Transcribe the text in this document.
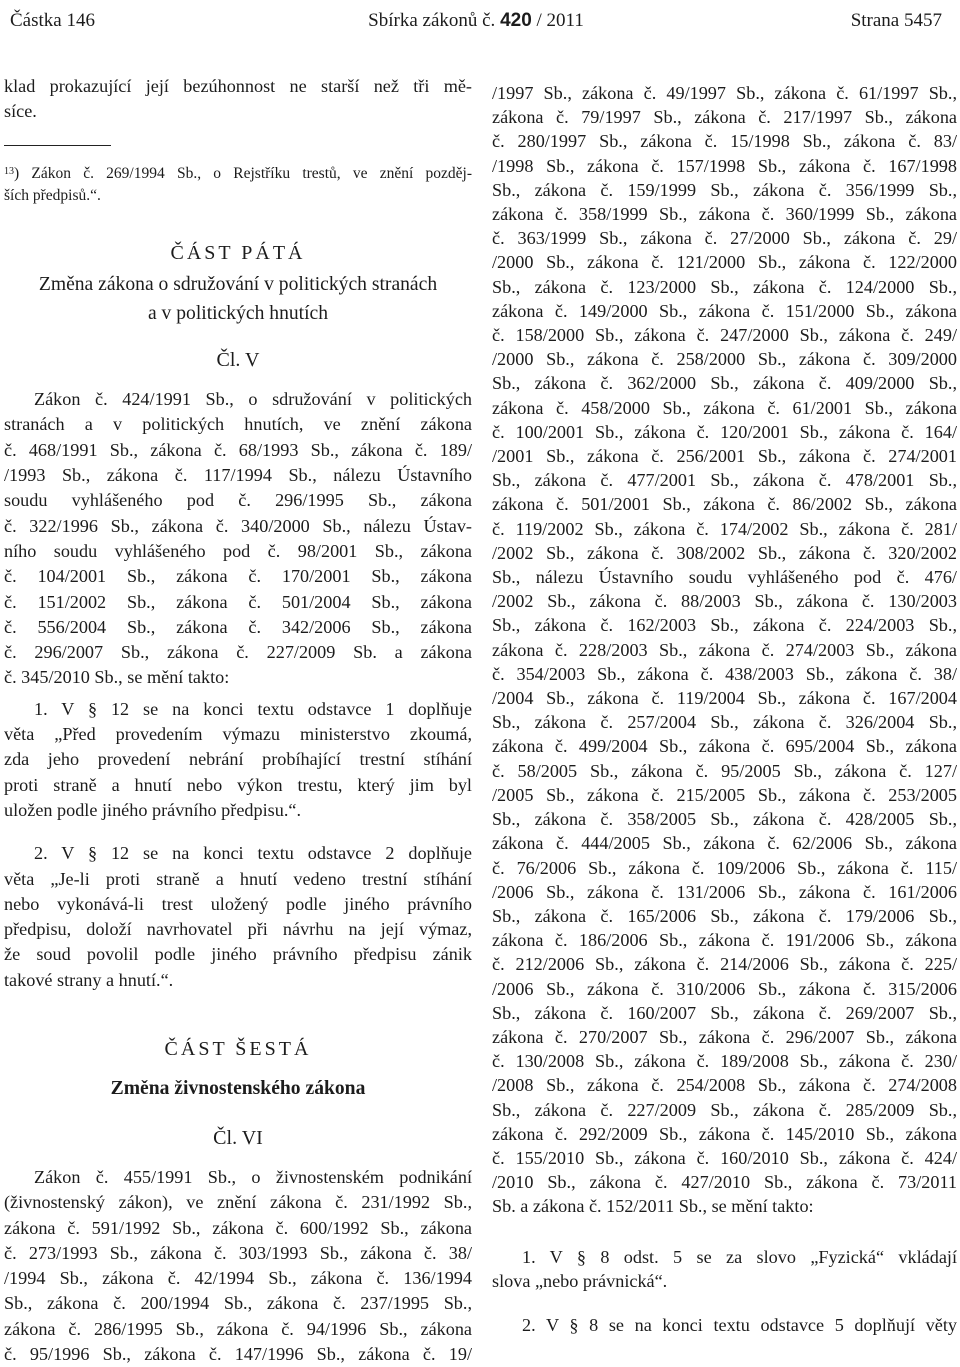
Částka 146	Sbírka zákonů č. 420 / 2011	Strana 5457
klad prokazující její bezúhonnost ne starší než tři mě-
síce.
$^{13}$) Zákon č. 269/1994 Sb., o Rejstříku trestů, ve znění pozděj-
ších předpisů.“.
ČÁST PÁTÁ
Změna zákona o sdružování v politických stranách
a v politických hnutích
Čl. V
Zákon č. 424/1991 Sb., o sdružování v politických
stranách a v politických hnutích, ve znění zákona
č. 468/1991 Sb., zákona č. 68/1993 Sb., zákona č. 189/
/1993 Sb., zákona č. 117/1994 Sb., nálezu Ústavního
soudu vyhlášeného pod č. 296/1995 Sb., zákona
č. 322/1996 Sb., zákona č. 340/2000 Sb., nálezu Ústav-
ního soudu vyhlášeného pod č. 98/2001 Sb., zákona
č. 104/2001 Sb., zákona č. 170/2001 Sb., zákona
č. 151/2002 Sb., zákona č. 501/2004 Sb., zákona
č. 556/2004 Sb., zákona č. 342/2006 Sb., zákona
č. 296/2007 Sb., zákona č. 227/2009 Sb. a zákona
č. 345/2010 Sb., se mění takto:
1. V § 12 se na konci textu odstavce 1 doplňuje
věta „Před provedením výmazu ministerstvo zkoumá,
zda jeho provedení nebrání probíhající trestní stíhání
proti straně a hnutí nebo výkon trestu, který jim byl
uložen podle jiného právního předpisu.“.
2. V § 12 se na konci textu odstavce 2 doplňuje
věta „Je-li proti straně a hnutí vedeno trestní stíhání
nebo vykonává-li trest uložený podle jiného právního
předpisu, doloží navrhovatel při návrhu na její výmaz,
že soud povolil podle jiného právního předpisu zánik
takové strany a hnutí.“.
ČÁST ŠESTÁ
Změna živnostenského zákona
Čl. VI
Zákon č. 455/1991 Sb., o živnostenském podnikání
(živnostenský zákon), ve znění zákona č. 231/1992 Sb.,
zákona č. 591/1992 Sb., zákona č. 600/1992 Sb., zákona
č. 273/1993 Sb., zákona č. 303/1993 Sb., zákona č. 38/
/1994 Sb., zákona č. 42/1994 Sb., zákona č. 136/1994
Sb., zákona č. 200/1994 Sb., zákona č. 237/1995 Sb.,
zákona č. 286/1995 Sb., zákona č. 94/1996 Sb., zákona
č. 95/1996 Sb., zákona č. 147/1996 Sb., zákona č. 19/
/1997 Sb., zákona č. 49/1997 Sb., zákona č. 61/1997 Sb.,
zákona č. 79/1997 Sb., zákona č. 217/1997 Sb., zákona
č. 280/1997 Sb., zákona č. 15/1998 Sb., zákona č. 83/
/1998 Sb., zákona č. 157/1998 Sb., zákona č. 167/1998
Sb., zákona č. 159/1999 Sb., zákona č. 356/1999 Sb.,
zákona č. 358/1999 Sb., zákona č. 360/1999 Sb., zákona
č. 363/1999 Sb., zákona č. 27/2000 Sb., zákona č. 29/
/2000 Sb., zákona č. 121/2000 Sb., zákona č. 122/2000
Sb., zákona č. 123/2000 Sb., zákona č. 124/2000 Sb.,
zákona č. 149/2000 Sb., zákona č. 151/2000 Sb., zákona
č. 158/2000 Sb., zákona č. 247/2000 Sb., zákona č. 249/
/2000 Sb., zákona č. 258/2000 Sb., zákona č. 309/2000
Sb., zákona č. 362/2000 Sb., zákona č. 409/2000 Sb.,
zákona č. 458/2000 Sb., zákona č. 61/2001 Sb., zákona
č. 100/2001 Sb., zákona č. 120/2001 Sb., zákona č. 164/
/2001 Sb., zákona č. 256/2001 Sb., zákona č. 274/2001
Sb., zákona č. 477/2001 Sb., zákona č. 478/2001 Sb.,
zákona č. 501/2001 Sb., zákona č. 86/2002 Sb., zákona
č. 119/2002 Sb., zákona č. 174/2002 Sb., zákona č. 281/
/2002 Sb., zákona č. 308/2002 Sb., zákona č. 320/2002
Sb., nálezu Ústavního soudu vyhlášeného pod č. 476/
/2002 Sb., zákona č. 88/2003 Sb., zákona č. 130/2003
Sb., zákona č. 162/2003 Sb., zákona č. 224/2003 Sb.,
zákona č. 228/2003 Sb., zákona č. 274/2003 Sb., zákona
č. 354/2003 Sb., zákona č. 438/2003 Sb., zákona č. 38/
/2004 Sb., zákona č. 119/2004 Sb., zákona č. 167/2004
Sb., zákona č. 257/2004 Sb., zákona č. 326/2004 Sb.,
zákona č. 499/2004 Sb., zákona č. 695/2004 Sb., zákona
č. 58/2005 Sb., zákona č. 95/2005 Sb., zákona č. 127/
/2005 Sb., zákona č. 215/2005 Sb., zákona č. 253/2005
Sb., zákona č. 358/2005 Sb., zákona č. 428/2005 Sb.,
zákona č. 444/2005 Sb., zákona č. 62/2006 Sb., zákona
č. 76/2006 Sb., zákona č. 109/2006 Sb., zákona č. 115/
/2006 Sb., zákona č. 131/2006 Sb., zákona č. 161/2006
Sb., zákona č. 165/2006 Sb., zákona č. 179/2006 Sb.,
zákona č. 186/2006 Sb., zákona č. 191/2006 Sb., zákona
č. 212/2006 Sb., zákona č. 214/2006 Sb., zákona č. 225/
/2006 Sb., zákona č. 310/2006 Sb., zákona č. 315/2006
Sb., zákona č. 160/2007 Sb., zákona č. 269/2007 Sb.,
zákona č. 270/2007 Sb., zákona č. 296/2007 Sb., zákona
č. 130/2008 Sb., zákona č. 189/2008 Sb., zákona č. 230/
/2008 Sb., zákona č. 254/2008 Sb., zákona č. 274/2008
Sb., zákona č. 227/2009 Sb., zákona č. 285/2009 Sb.,
zákona č. 292/2009 Sb., zákona č. 145/2010 Sb., zákona
č. 155/2010 Sb., zákona č. 160/2010 Sb., zákona č. 424/
/2010 Sb., zákona č. 427/2010 Sb., zákona č. 73/2011
Sb. a zákona č. 152/2011 Sb., se mění takto:
1. V § 8 odst. 5 se za slovo „Fyzická“ vkládají
slova „nebo právnická“.
2. V § 8 se na konci textu odstavce 5 doplňují věty
